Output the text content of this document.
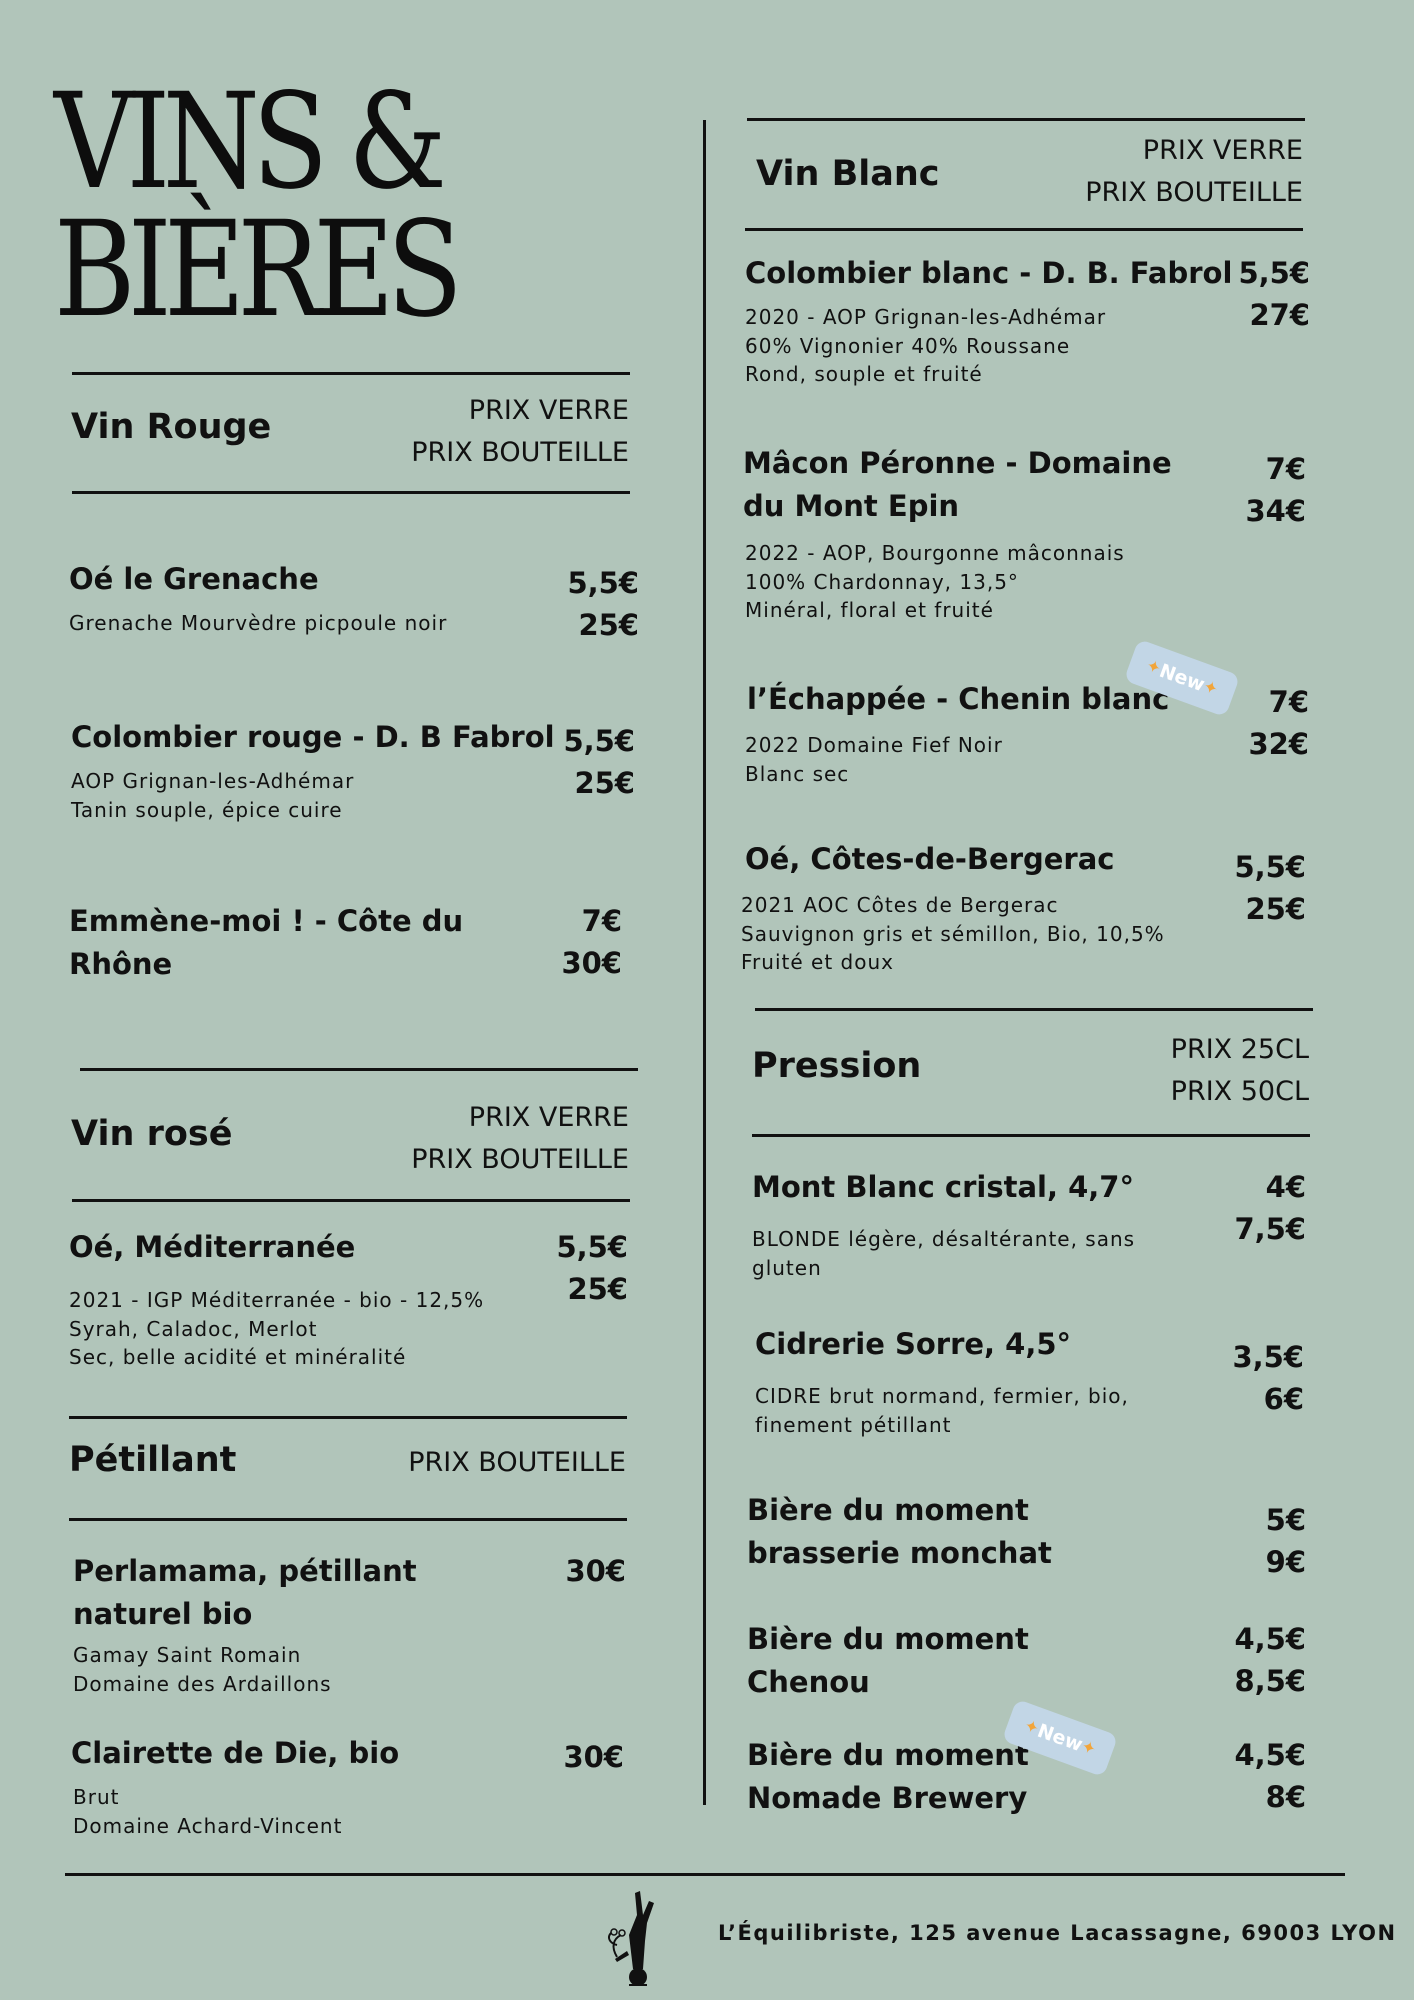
VINS &
BIÈRES
Vin Rouge	PRIX VERRE
PRIX BOUTEILLE
Oé le Grenache
Grenache Mourvèdre picpoule noir
5,5€
25€
Colombier rouge - D. B Fabrol
AOP Grignan-les-Adhémar
Tanin souple, épice cuire
5,5€
25€
Emmène-moi ! - Côte du
Rhône
7€
30€
Vin rosé	PRIX VERRE
PRIX BOUTEILLE
Oé, Méditerranée
2021 - IGP Méditerranée - bio - 12,5%
Syrah, Caladoc, Merlot
Sec, belle acidité et minéralité
5,5€
25€
Pétillant	PRIX BOUTEILLE
Perlamama, pétillant
naturel bio
Gamay Saint Romain
Domaine des Ardaillons
30€
Clairette de Die, bio
Brut
Domaine Achard-Vincent
30€
Vin Blanc
PRIX VERRE
PRIX BOUTEILLE
Colombier blanc - D. B. Fabrol
2020 - AOP Grignan-les-Adhémar
60% Vignonier 40% Roussane
Rond, souple et fruité
5,5€
27€
Mâcon Péronne - Domaine
du Mont Epin
2022 - AOP, Bourgonne mâconnais
100% Chardonnay, 13,5°
Minéral, floral et fruité
7€
34€
l’Échappée - Chenin blanc
2022 Domaine Fief Noir
Blanc sec
7€
32€
✦
New
✦
Oé, Côtes-de-Bergerac
2021 AOC Côtes de Bergerac
Sauvignon gris et sémillon, Bio, 10,5%
Fruité et doux
5,5€
25€
Pression	PRIX 25CL
PRIX 50CL
Mont Blanc cristal, 4,7°
BLONDE légère, désaltérante, sans
gluten
4€
7,5€
Cidrerie Sorre, 4,5°
CIDRE brut normand, fermier, bio,
finement pétillant
3,5€
6€
Bière du moment
brasserie monchat
5€
9€
Bière du moment
Chenou
4,5€
8,5€
Bière du moment
Nomade Brewery
4,5€
8€
✦
New
✦
L’Équilibriste, 125 avenue Lacassagne, 69003 LYON
